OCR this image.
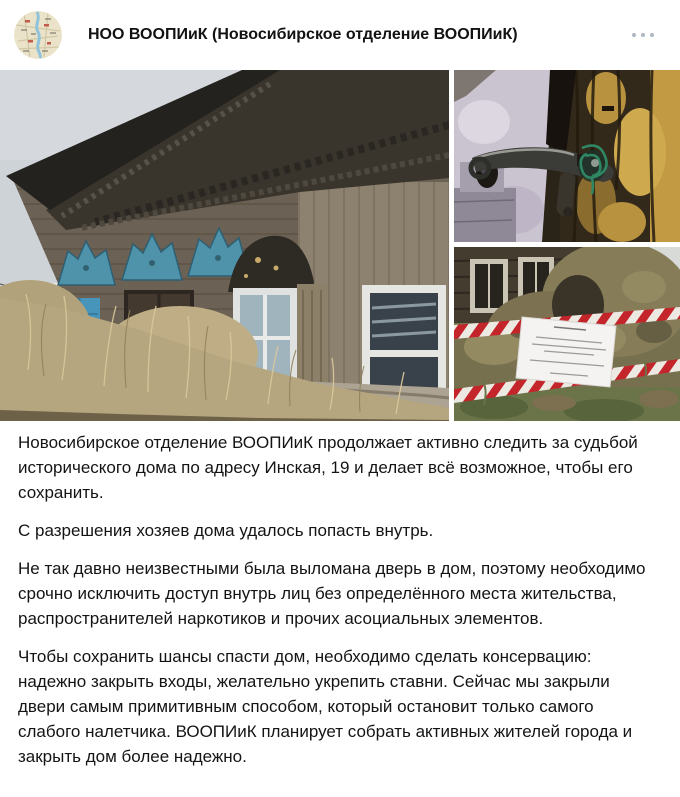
НОО ВООПИиК (Новосибирское отделение ВООПИиК)

Новосибирское отделение ВООПИиК продолжает активно следить за судьбой исторического дома по адресу Инская, 19 и делает всё возможное, чтобы его сохранить.

С разрешения хозяев дома удалось попасть внутрь.

Не так давно неизвестными была выломана дверь в дом, поэтому необходимо срочно исключить доступ внутрь лиц без определённого места жительства, распространителей наркотиков и прочих асоциальных элементов.

Чтобы сохранить шансы спасти дом, необходимо сделать консервацию: надежно закрыть входы, желательно укрепить ставни. Сейчас мы закрыли двери самым примитивным способом, который остановит только самого слабого налетчика. ВООПИиК планирует собрать активных жителей города и закрыть дом более надежно.
